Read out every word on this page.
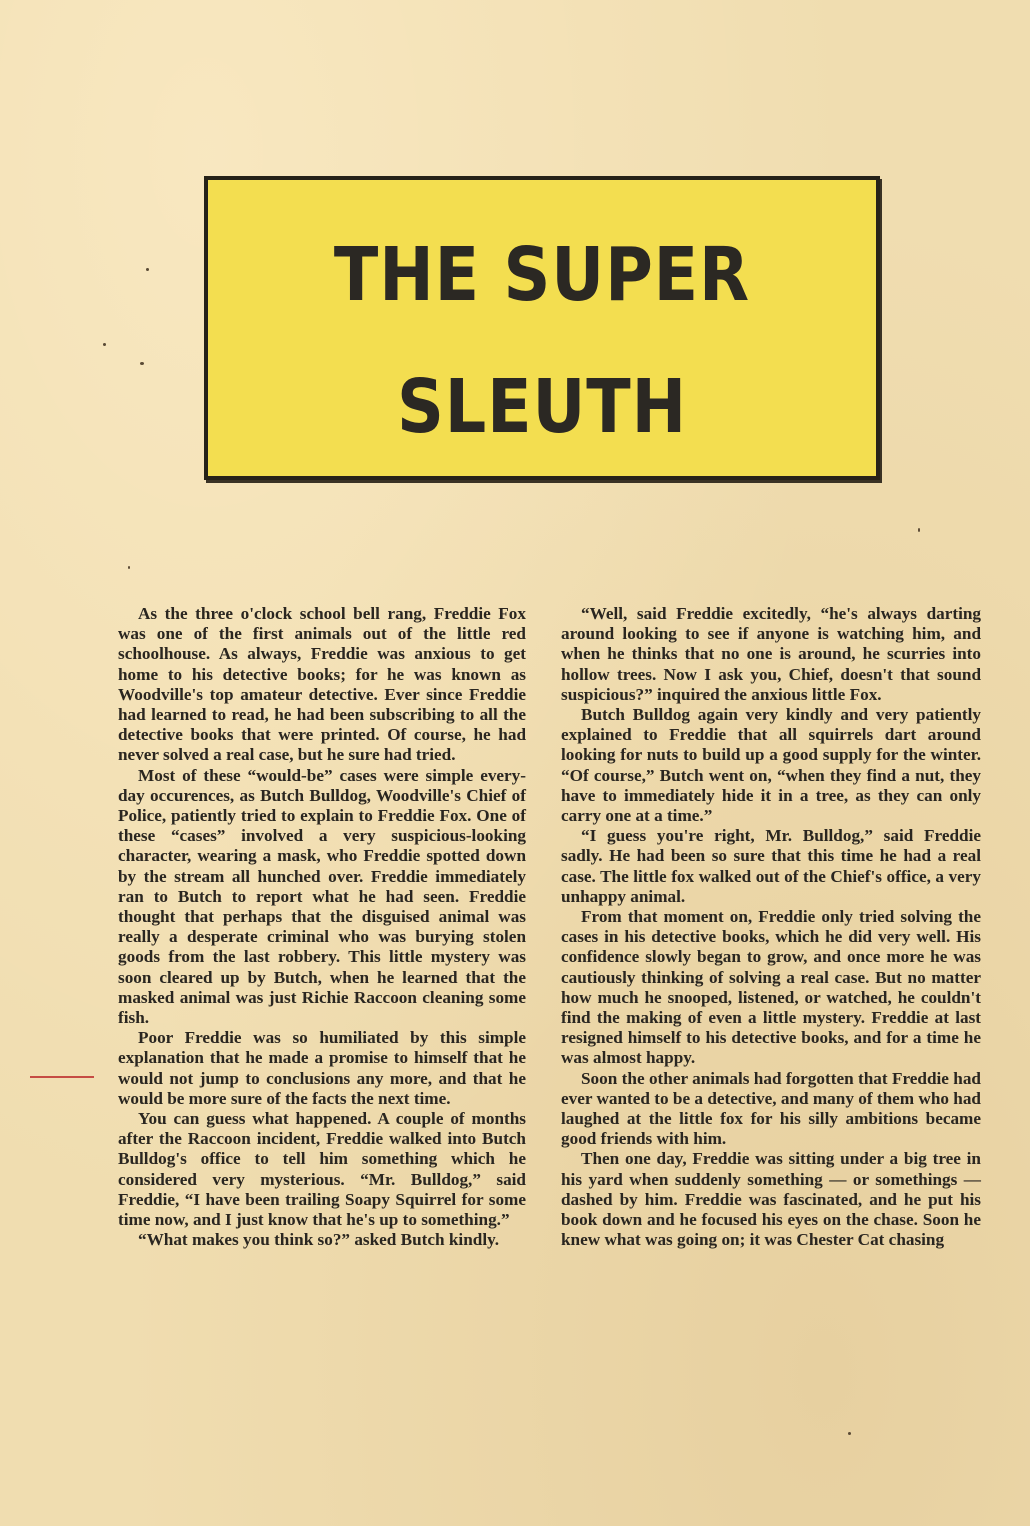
THE SUPER
SLEUTH

As the three o'clock school bell rang, Freddie Fox was one of the first animals out of the little red schoolhouse. As always, Freddie was anxious to get home to his detective books; for he was known as Woodville's top amateur detective. Ever since Freddie had learned to read, he had been subscribing to all the detective books that were printed. Of course, he had never solved a real case, but he sure had tried.

Most of these “would-be” cases were simple every-day occurences, as Butch Bulldog, Woodville's Chief of Police, patiently tried to explain to Freddie Fox. One of these “cases” involved a very suspicious-looking character, wearing a mask, who Freddie spotted down by the stream all hunched over. Freddie immediately ran to Butch to report what he had seen. Freddie thought that perhaps that the disguised animal was really a desperate criminal who was burying stolen goods from the last robbery. This little mystery was soon cleared up by Butch, when he learned that the masked animal was just Richie Raccoon cleaning some fish.

Poor Freddie was so humiliated by this simple explanation that he made a promise to himself that he would not jump to conclusions any more, and that he would be more sure of the facts the next time.

You can guess what happened. A couple of months after the Raccoon incident, Freddie walked into Butch Bulldog's office to tell him something which he considered very mysterious. “Mr. Bulldog,” said Freddie, “I have been trailing Soapy Squirrel for some time now, and I just know that he's up to something.”

“What makes you think so?” asked Butch kindly.

“Well, said Freddie excitedly, “he's always darting around looking to see if anyone is watching him, and when he thinks that no one is around, he scurries into hollow trees. Now I ask you, Chief, doesn't that sound suspicious?” inquired the anxious little Fox.

Butch Bulldog again very kindly and very patiently explained to Freddie that all squirrels dart around looking for nuts to build up a good supply for the winter. “Of course,” Butch went on, “when they find a nut, they have to immediately hide it in a tree, as they can only carry one at a time.”

“I guess you're right, Mr. Bulldog,” said Freddie sadly. He had been so sure that this time he had a real case. The little fox walked out of the Chief's office, a very unhappy animal.

From that moment on, Freddie only tried solving the cases in his detective books, which he did very well. His confidence slowly began to grow, and once more he was cautiously thinking of solving a real case. But no matter how much he snooped, listened, or watched, he couldn't find the making of even a little mystery. Freddie at last resigned himself to his detective books, and for a time he was almost happy.

Soon the other animals had forgotten that Freddie had ever wanted to be a detective, and many of them who had laughed at the little fox for his silly ambitions became good friends with him.

Then one day, Freddie was sitting under a big tree in his yard when suddenly something — or somethings — dashed by him. Freddie was fascinated, and he put his book down and he focused his eyes on the chase. Soon he knew what was going on; it was Chester Cat chasing
